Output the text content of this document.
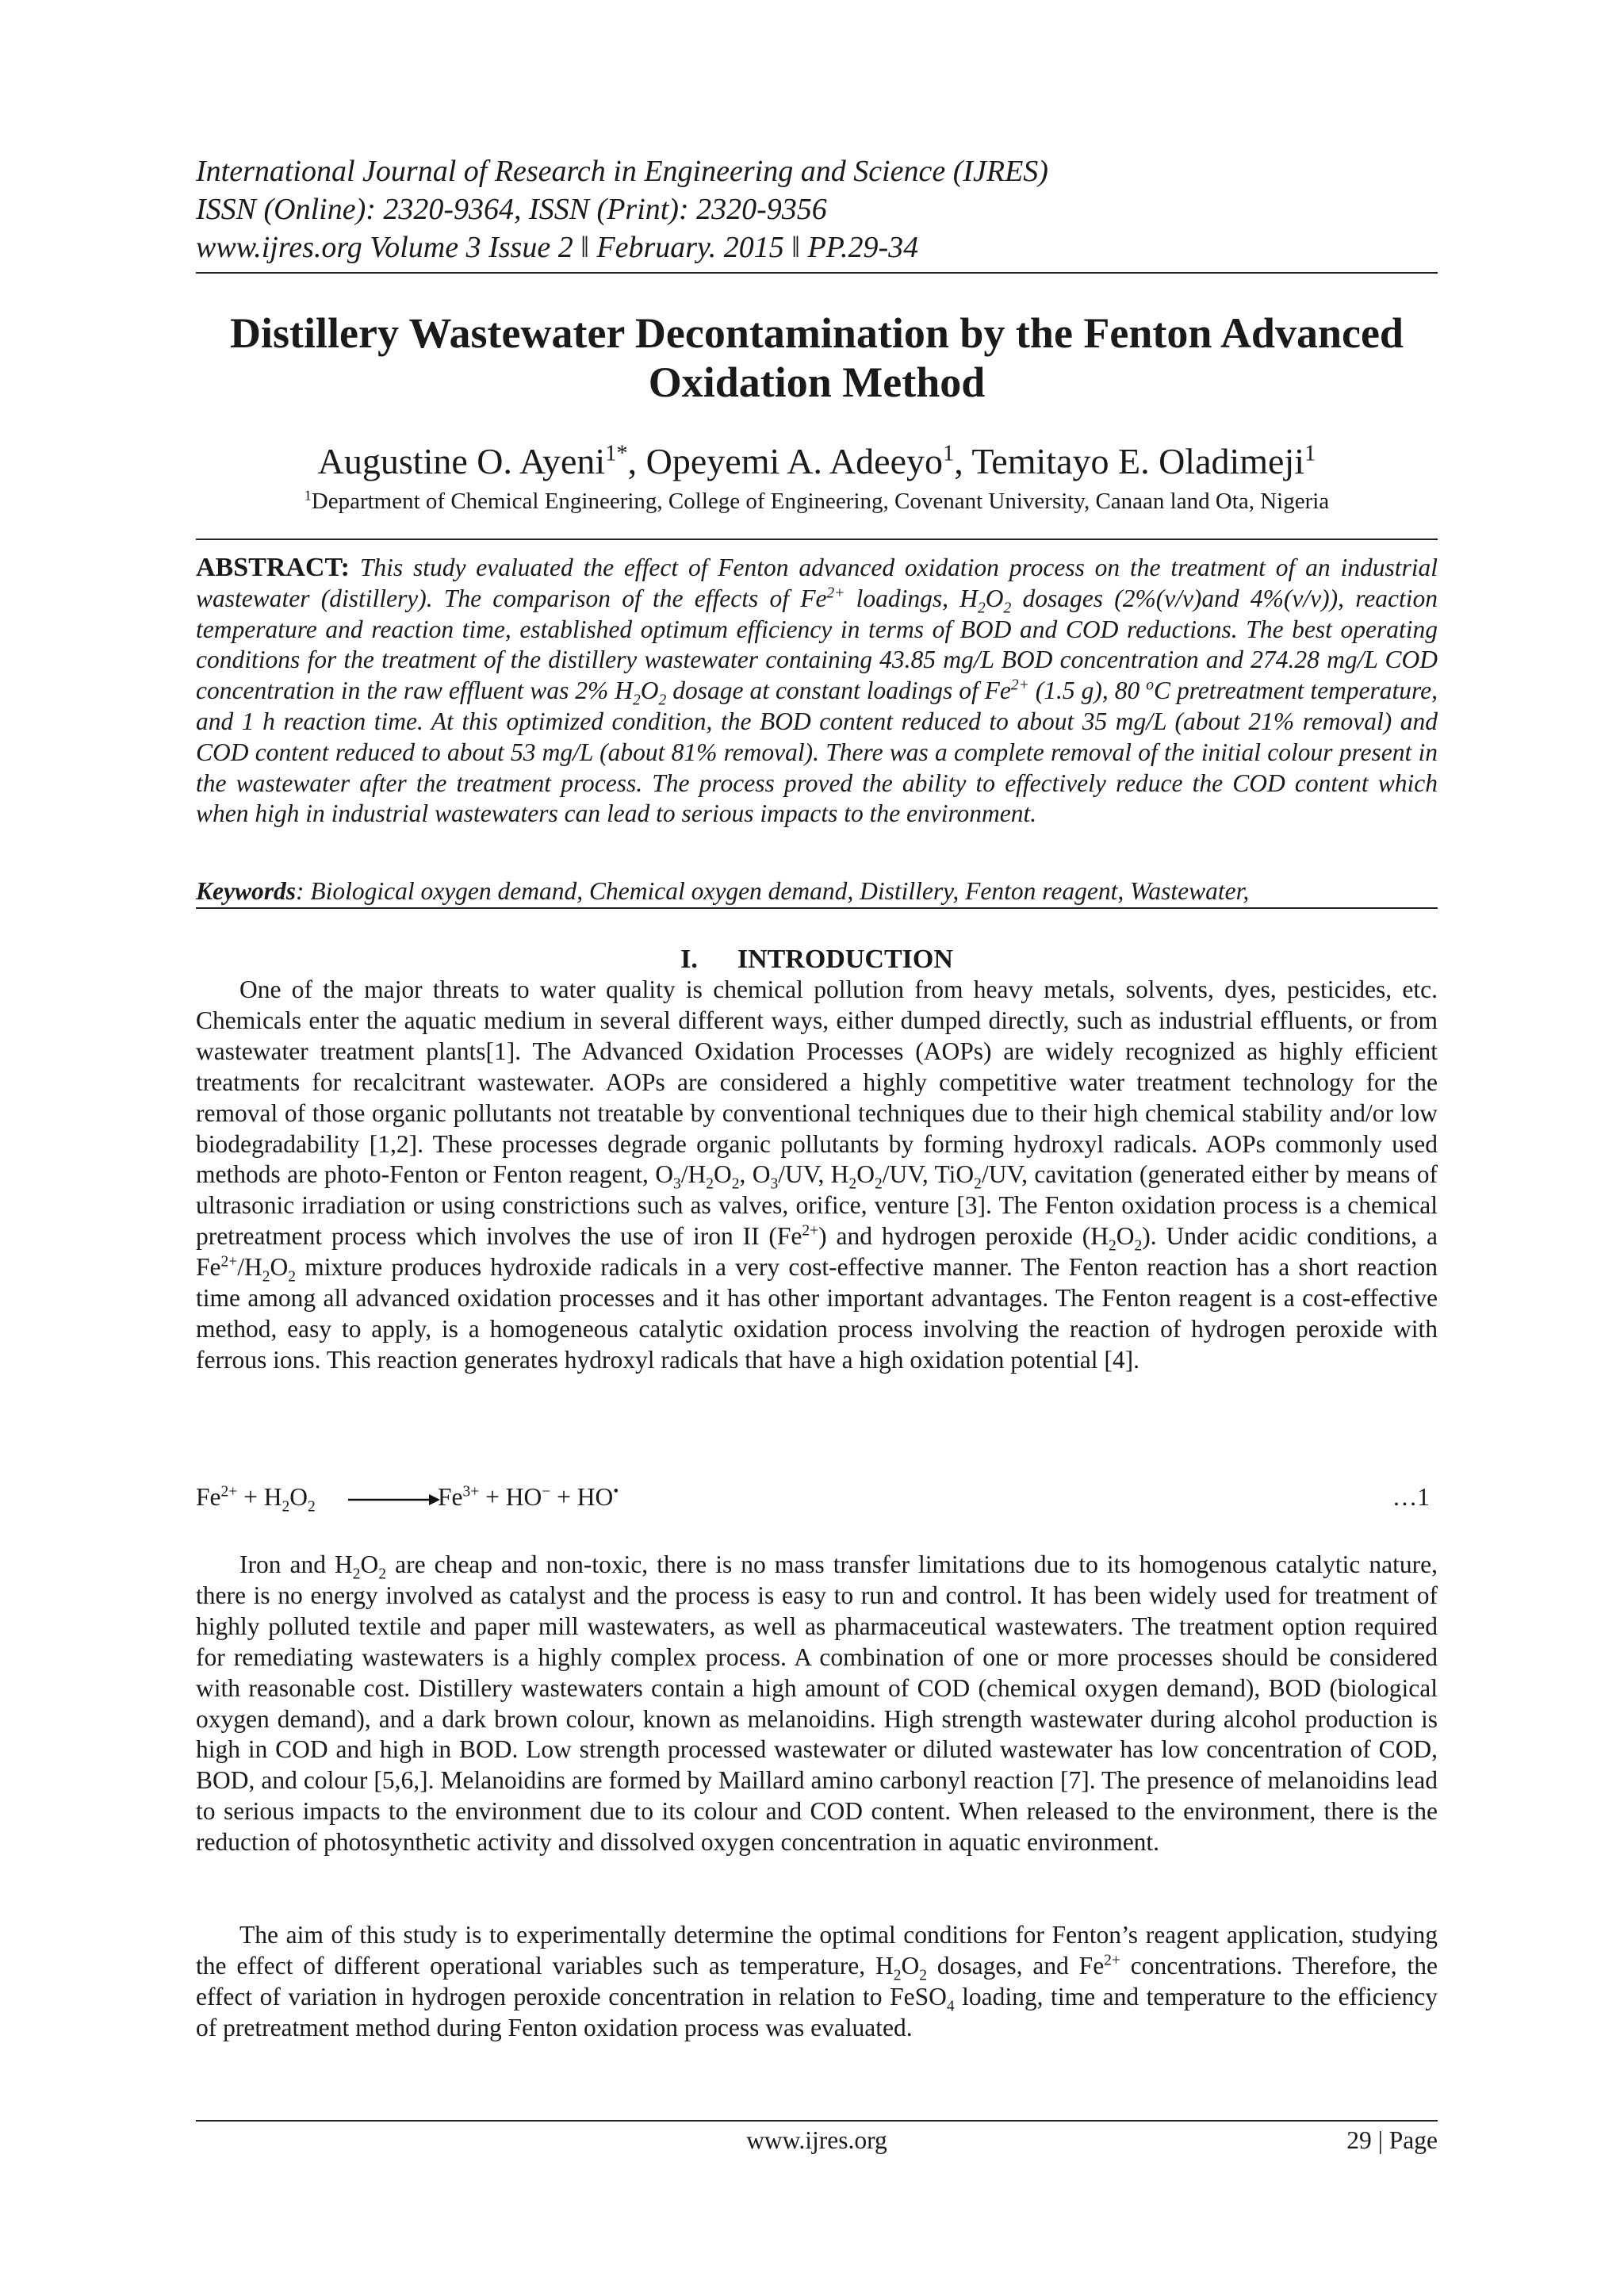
International Journal of Research in Engineering and Science (IJRES)
ISSN (Online): 2320-9364, ISSN (Print): 2320-9356
www.ijres.org Volume 3 Issue 2 ǁ February. 2015 ǁ PP.29-34
Distillery Wastewater Decontamination by the Fenton Advanced
Oxidation Method
Augustine O. Ayeni$^{1*}$, Opeyemi A. Adeeyo$^1$, Temitayo E. Oladimeji$^1$
$^1$Department of Chemical Engineering, College of Engineering, Covenant University, Canaan land Ota, Nigeria
ABSTRACT: This study evaluated the effect of Fenton advanced oxidation process on the treatment of an industrial wastewater (distillery). The comparison of the effects of $Fe^{2+}$ loadings, $H_2O_2$ dosages (2%(v/v)and 4%(v/v)), reaction temperature and reaction time, established optimum efficiency in terms of BOD and COD reductions. The best operating conditions for the treatment of the distillery wastewater containing 43.85 mg/L BOD concentration and 274.28 mg/L COD concentration in the raw effluent was 2% $H_2O_2$ dosage at constant loadings of $Fe^{2+}$ (1.5 g), 80 $^o$C pretreatment temperature, and 1 h reaction time. At this optimized condition, the BOD content reduced to about 35 mg/L (about 21% removal) and COD content reduced to about 53 mg/L (about 81% removal). There was a complete removal of the initial colour present in the wastewater after the treatment process. The process proved the ability to effectively reduce the COD content which when high in industrial wastewaters can lead to serious impacts to the environment.
Keywords: Biological oxygen demand, Chemical oxygen demand, Distillery, Fenton reagent, Wastewater,
I. INTRODUCTION

One of the major threats to water quality is chemical pollution from heavy metals, solvents, dyes, pesticides, etc. Chemicals enter the aquatic medium in several different ways, either dumped directly, such as industrial effluents, or from wastewater treatment plants[1]. The Advanced Oxidation Processes (AOPs) are widely recognized as highly efficient treatments for recalcitrant wastewater. AOPs are considered a highly competitive water treatment technology for the removal of those organic pollutants not treatable by conventional techniques due to their high chemical stability and/or low biodegradability [1,2]. These processes degrade organic pollutants by forming hydroxyl radicals. AOPs commonly used methods are photo-Fenton or Fenton reagent, $O_3/H_2O_2$, $O_3/UV$, $H_2O_2/UV$, TiO$_2$/UV, cavitation (generated either by means of ultrasonic irradiation or using constrictions such as valves, orifice, venture [3]. The Fenton oxidation process is a chemical pretreatment process which involves the use of iron II $(Fe^{2+})$ and hydrogen peroxide $(H_2O_2)$. Under acidic conditions, a $Fe^{2+}/H_2O_2$ mixture produces hydroxide radicals in a very cost-effective manner. The Fenton reaction has a short reaction time among all advanced oxidation processes and it has other important advantages. The Fenton reagent is a cost-effective method, easy to apply, is a homogeneous catalytic oxidation process involving the reaction of hydrogen peroxide with ferrous ions. This reaction generates hydroxyl radicals that have a high oxidation potential [4].

$Fe^{2+} + H_2O_2$ →
$Fe^{3+} + HO^- + HO^•$	…1

Iron and $H_2O_2$ are cheap and non-toxic, there is no mass transfer limitations due to its homogenous catalytic nature, there is no energy involved as catalyst and the process is easy to run and control. It has been widely used for treatment of highly polluted textile and paper mill wastewaters, as well as pharmaceutical wastewaters. The treatment option required for remediating wastewaters is a highly complex process. A combination of one or more processes should be considered with reasonable cost. Distillery wastewaters contain a high amount of COD (chemical oxygen demand), BOD (biological oxygen demand), and a dark brown colour, known as melanoidins. High strength wastewater during alcohol production is high in COD and high in BOD. Low strength processed wastewater or diluted wastewater has low concentration of COD, BOD, and colour [5,6,]. Melanoidins are formed by Maillard amino carbonyl reaction [7]. The presence of melanoidins lead to serious impacts to the environment due to its colour and COD content. When released to the environment, there is the reduction of photosynthetic activity and dissolved oxygen concentration in aquatic environment.

The aim of this study is to experimentally determine the optimal conditions for Fenton’s reagent application, studying the effect of different operational variables such as temperature, $H_2O_2$ dosages, and $Fe^{2+}$ concentrations. Therefore, the effect of variation in hydrogen peroxide concentration in relation to FeSO$_4$ loading, time and temperature to the efficiency of pretreatment method during Fenton oxidation process was evaluated.

www.ijres.org	29 | Page
